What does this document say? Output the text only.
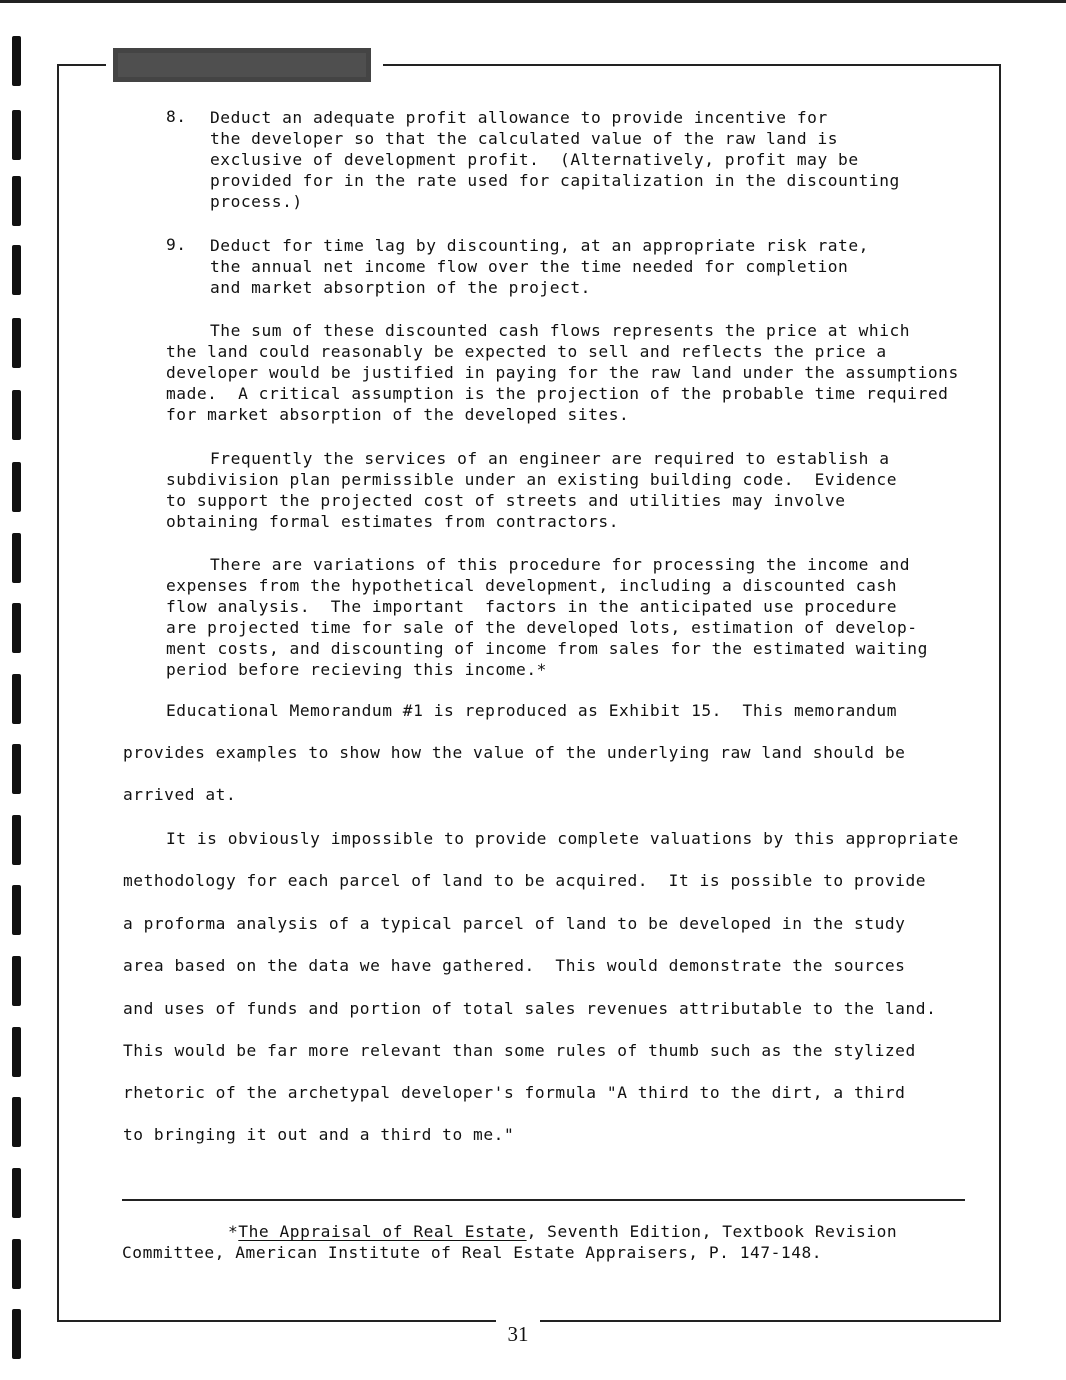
31
8. Deduct an adequate profit allowance to provide incentive for
the developer so that the calculated value of the raw land is
exclusive of development profit.  (Alternatively, profit may be
provided for in the rate used for capitalization in the discounting
process.)
9. Deduct for time lag by discounting, at an appropriate risk rate,
the annual net income flow over the time needed for completion
and market absorption of the project.
The sum of these discounted cash flows represents the price at which
the land could reasonably be expected to sell and reflects the price a
developer would be justified in paying for the raw land under the assumptions
made.  A critical assumption is the projection of the probable time required
for market absorption of the developed sites.
Frequently the services of an engineer are required to establish a
subdivision plan permissible under an existing building code.  Evidence
to support the projected cost of streets and utilities may involve
obtaining formal estimates from contractors.
There are variations of this procedure for processing the income and
expenses from the hypothetical development, including a discounted cash
flow analysis.  The important  factors in the anticipated use procedure
are projected time for sale of the developed lots, estimation of develop-
ment costs, and discounting of income from sales for the estimated waiting
period before recieving this income.*
Educational Memorandum #1 is reproduced as Exhibit 15.  This memorandum
provides examples to show how the value of the underlying raw land should be
arrived at.
It is obviously impossible to provide complete valuations by this appropriate
methodology for each parcel of land to be acquired.  It is possible to provide
a proforma analysis of a typical parcel of land to be developed in the study
area based on the data we have gathered.  This would demonstrate the sources
and uses of funds and portion of total sales revenues attributable to the land.
This would be far more relevant than some rules of thumb such as the stylized
rhetoric of the archetypal developer's formula "A third to the dirt, a third
to bringing it out and a third to me."
*The Appraisal of Real Estate, Seventh Edition, Textbook Revision
Committee, American Institute of Real Estate Appraisers, P. 147-148.
